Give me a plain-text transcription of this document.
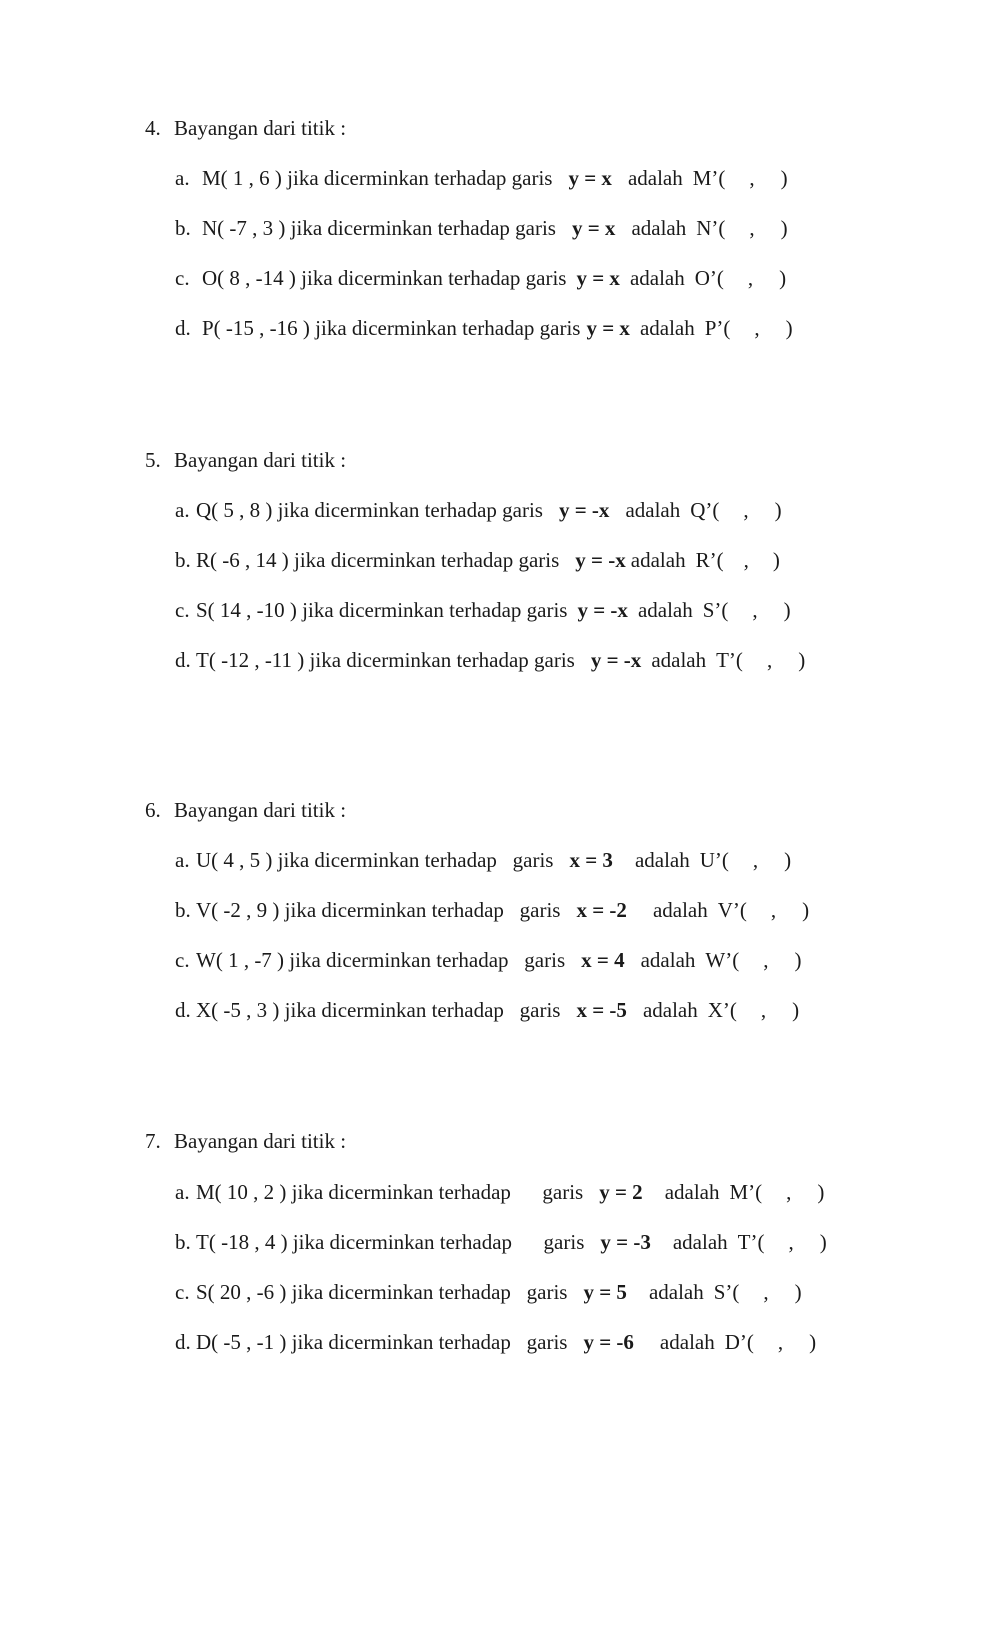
4. Bayangan dari titik :
a. M( 1 , 6 ) jika dicerminkan terhadap garis y = x adalah M’( , )
b. N( -7 , 3 ) jika dicerminkan terhadap garis y = x adalah N’( , )
c. O( 8 , -14 ) jika dicerminkan terhadap garis y = x adalah O’( , )
d. P( -15 , -16 ) jika dicerminkan terhadap garis y = x adalah P’( , )
5. Bayangan dari titik :
a. Q( 5 , 8 ) jika dicerminkan terhadap garis y = -x adalah Q’( , )
b. R( -6 , 14 ) jika dicerminkan terhadap garis y = -x adalah R’( , )
c. S( 14 , -10 ) jika dicerminkan terhadap garis y = -x adalah S’( , )
d. T( -12 , -11 ) jika dicerminkan terhadap garis y = -x adalah T’( , )
6. Bayangan dari titik :
a. U( 4 , 5 ) jika dicerminkan terhadap   garis x = 3 adalah U’( , )
b. V( -2 , 9 ) jika dicerminkan terhadap   garis x = -2 adalah V’( , )
c. W( 1 , -7 ) jika dicerminkan terhadap   garis x = 4 adalah W’( , )
d. X( -5 , 3 ) jika dicerminkan terhadap   garis x = -5 adalah X’( , )
7. Bayangan dari titik :
a. M( 10 , 2 ) jika dicerminkan terhadap      garis y = 2 adalah M’( , )
b. T( -18 , 4 ) jika dicerminkan terhadap      garis y = -3 adalah T’( , )
c. S( 20 , -6 ) jika dicerminkan terhadap   garis y = 5 adalah S’( , )
d. D( -5 , -1 ) jika dicerminkan terhadap   garis y = -6 adalah D’( , )
